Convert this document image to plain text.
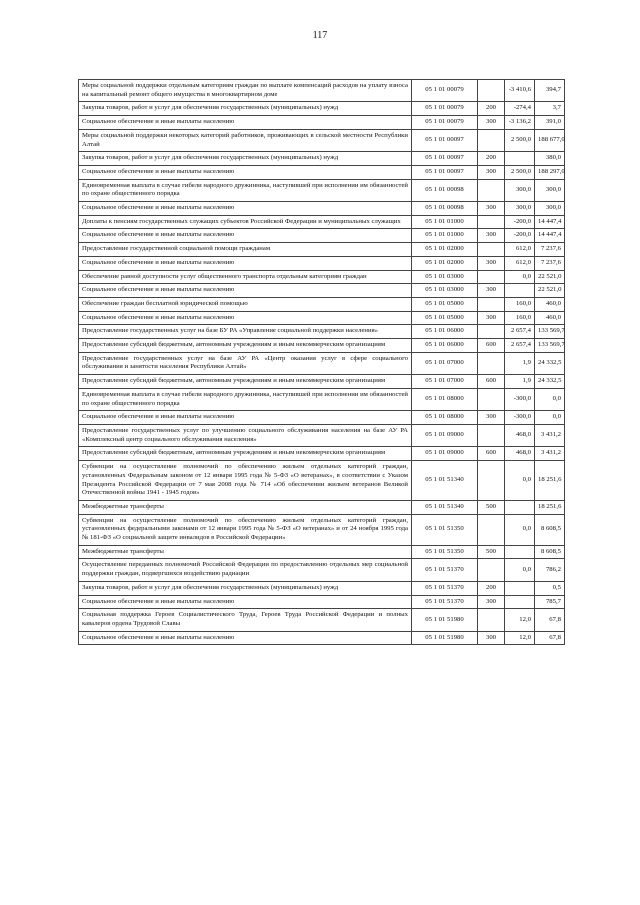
117
Меры социальной поддержки отдельным категориям граждан по выплате компенсаций расходов на уплату взноса на капитальный ремонт общего имущества в многоквартирном доме	05 1 01 00079		-3 410,6	394,7
Закупка товаров, работ и услуг для обеспечения государственных (муниципальных) нужд	05 1 01 00079	200	-274,4	3,7
Социальное обеспечение и иные выплаты населению	05 1 01 00079	300	-3 136,2	391,0
Меры социальной поддержки некоторых категорий работников, проживающих в сельской местности Республики Алтай	05 1 01 00097		2 500,0	188 677,0
Закупка товаров, работ и услуг для обеспечения государственных (муниципальных) нужд	05 1 01 00097	200		380,0
Социальное обеспечение и иные выплаты населению	05 1 01 00097	300	2 500,0	188 297,0
Единовременная выплата в случае гибели народного дружинника, наступившей при исполнении им обязанностей по охране общественного порядка	05 1 01 00098		300,0	300,0
Социальное обеспечение и иные выплаты населению	05 1 01 00098	300	300,0	300,0
Доплаты к пенсиям государственных служащих субъектов Российской Федерации и муниципальных служащих	05 1 01 01000		-200,0	14 447,4
Социальное обеспечение и иные выплаты населению	05 1 01 01000	300	-200,0	14 447,4
Предоставление государственной социальной помощи гражданам	05 1 01 02000		612,0	7 237,6
Социальное обеспечение и иные выплаты населению	05 1 01 02000	300	612,0	7 237,6
Обеспечение равной доступности услуг общественного транспорта отдельным категориям граждан	05 1 01 03000		0,0	22 521,0
Социальное обеспечение и иные выплаты населению	05 1 01 03000	300		22 521,0
Обеспечение граждан бесплатной юридической помощью	05 1 01 05000		160,0	460,0
Социальное обеспечение и иные выплаты населению	05 1 01 05000	300	160,0	460,0
Предоставление государственных услуг на базе БУ РА «Управление социальной поддержки населения»	05 1 01 06000		2 657,4	133 569,7
Предоставление субсидий бюджетным, автономным учреждениям и иным некоммерческим организациям	05 1 01 06000	600	2 657,4	133 569,7
Предоставление государственных услуг на базе АУ РА «Центр оказания услуг в сфере социального обслуживания и занятости населения Республики Алтай»	05 1 01 07000		1,9	24 332,5
Предоставление субсидий бюджетным, автономным учреждениям и иным некоммерческим организациям	05 1 01 07000	600	1,9	24 332,5
Единовременная выплата в случае гибели народного дружинника, наступившей при исполнении им обязанностей по охране общественного порядка	05 1 01 08000		-300,0	0,0
Социальное обеспечение и иные выплаты населению	05 1 01 08000	300	-300,0	0,0
Предоставление государственных услуг по улучшению социального обслуживания населения на базе АУ РА «Комплексный центр социального обслуживания населения»	05 1 01 09000		468,0	3 431,2
Предоставление субсидий бюджетным, автономным учреждениям и иным некоммерческим организациям	05 1 01 09000	600	468,0	3 431,2
Субвенции на осуществление полномочий по обеспечению жильем отдельных категорий граждан, установленных Федеральным законом от 12 января 1995 года № 5-ФЗ «О ветеранах», в соответствии с Указом Президента Российской Федерации от 7 мая 2008 года № 714 «Об обеспечении жильем ветеранов Великой Отечественной войны 1941 - 1945 годов»	05 1 01 51340		0,0	18 251,6
Межбюджетные трансферты	05 1 01 51340	500		18 251,6
Субвенции на осуществление полномочий по обеспечению жильем отдельных категорий граждан, установленных федеральными законами от 12 января 1995 года № 5-ФЗ «О ветеранах» и от 24 ноября 1995 года № 181-ФЗ «О социальной защите инвалидов в Российской Федерации»	05 1 01 51350		0,0	8 608,5
Межбюджетные трансферты	05 1 01 51350	500		8 608,5
Осуществление переданных полномочий Российской Федерации по предоставлению отдельных мер социальной поддержки граждан, подвергшихся воздействию радиации	05 1 01 51370		0,0	786,2
Закупка товаров, работ и услуг для обеспечения государственных (муниципальных) нужд	05 1 01 51370	200		0,5
Социальное обеспечение и иные выплаты населению	05 1 01 51370	300		785,7
Социальная поддержка Героев Социалистического Труда, Героев Труда Российской Федерации и полных кавалеров ордена Трудовой Славы	05 1 01 51980		12,0	67,8
Социальное обеспечение и иные выплаты населению	05 1 01 51980	300	12,0	67,8
